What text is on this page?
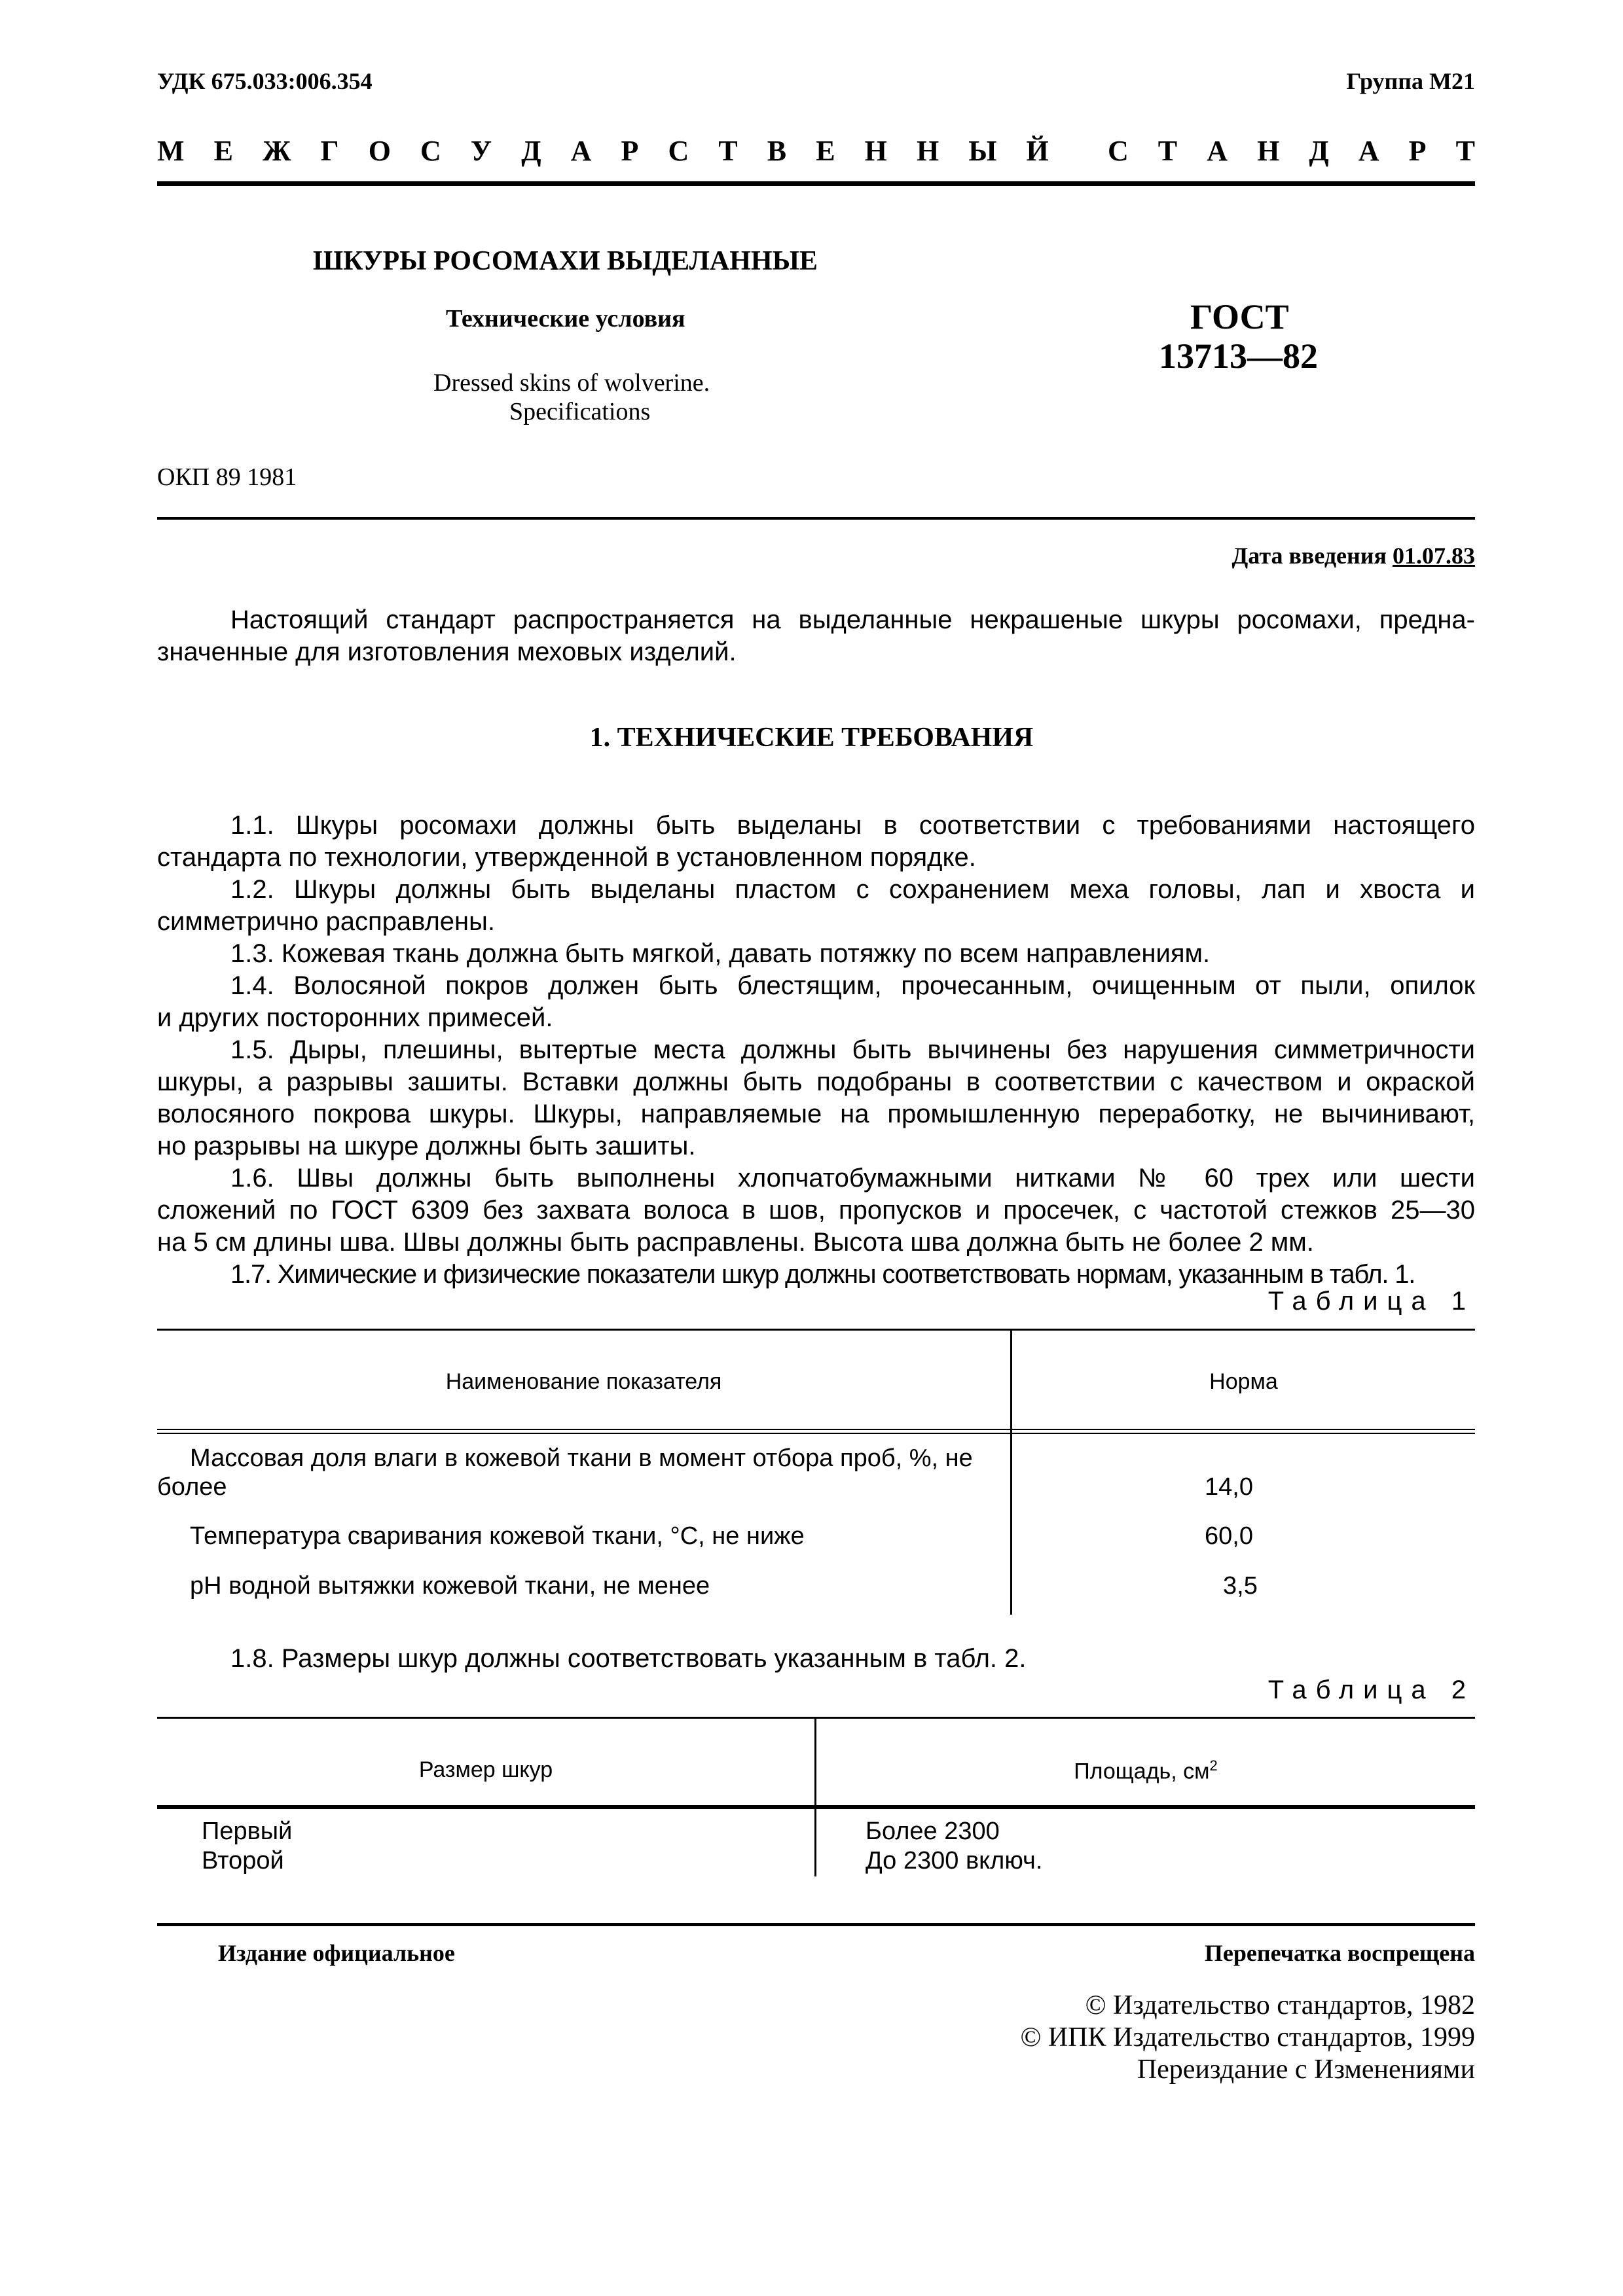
УДК 675.033:006.354	Группа М21
М Е Ж Г О С У Д А Р С Т В Е Н Н Ы Й С Т А Н Д А Р Т
ШКУРЫ РОСОМАХИ ВЫДЕЛАННЫЕ
Технические условия
Dressed skins of wolverine.
Specifications
ГОСТ
13713—82
ОКП 89 1981
Дата введения 01.07.83
Настоящий стандарт распространяется на выделанные некрашеные шкуры росомахи, предна-
значенные для изготовления меховых изделий.
1. ТЕХНИЧЕСКИЕ ТРЕБОВАНИЯ
1.1. Шкуры росомахи должны быть выделаны в соответствии с требованиями настоящего
стандарта по технологии, утвержденной в установленном порядке.
1.2. Шкуры должны быть выделаны пластом с сохранением меха головы, лап и хвоста и
симметрично расправлены.
1.3. Кожевая ткань должна быть мягкой, давать потяжку по всем направлениям.
1.4. Волосяной покров должен быть блестящим, прочесанным, очищенным от пыли, опилок
и других посторонних примесей.
1.5. Дыры, плешины, вытертые места должны быть вычинены без нарушения симметричности
шкуры, а разрывы зашиты. Вставки должны быть подобраны в соответствии с качеством и окраской
волосяного покрова шкуры. Шкуры, направляемые на промышленную переработку, не вычинивают,
но разрывы на шкуре должны быть зашиты.
1.6. Швы должны быть выполнены хлопчатобумажными нитками № 60 трех или шести
сложений по ГОСТ 6309 без захвата волоса в шов, пропусков и просечек, с частотой стежков 25—30
на 5 см длины шва. Швы должны быть расправлены. Высота шва должна быть не более 2 мм.
1.7. Химические и физические показатели шкур должны соответствовать нормам, указанным в табл. 1.
Таблица 1
Наименование показателя	Норма
Массовая доля влаги в кожевой ткани в момент отбора проб, %, не
более	14,0
Температура сваривания кожевой ткани, °С, не ниже	60,0
pH водной вытяжки кожевой ткани, не менее	3,5
1.8. Размеры шкур должны соответствовать указанным в табл. 2.
Таблица 2
Размер шкур	Площадь, $см^2$
Первый	Более 2300
Второй	До 2300 включ.
Издание официальное	Перепечатка воспрещена
© Издательство стандартов, 1982
© ИПК Издательство стандартов, 1999
Переиздание с Изменениями
